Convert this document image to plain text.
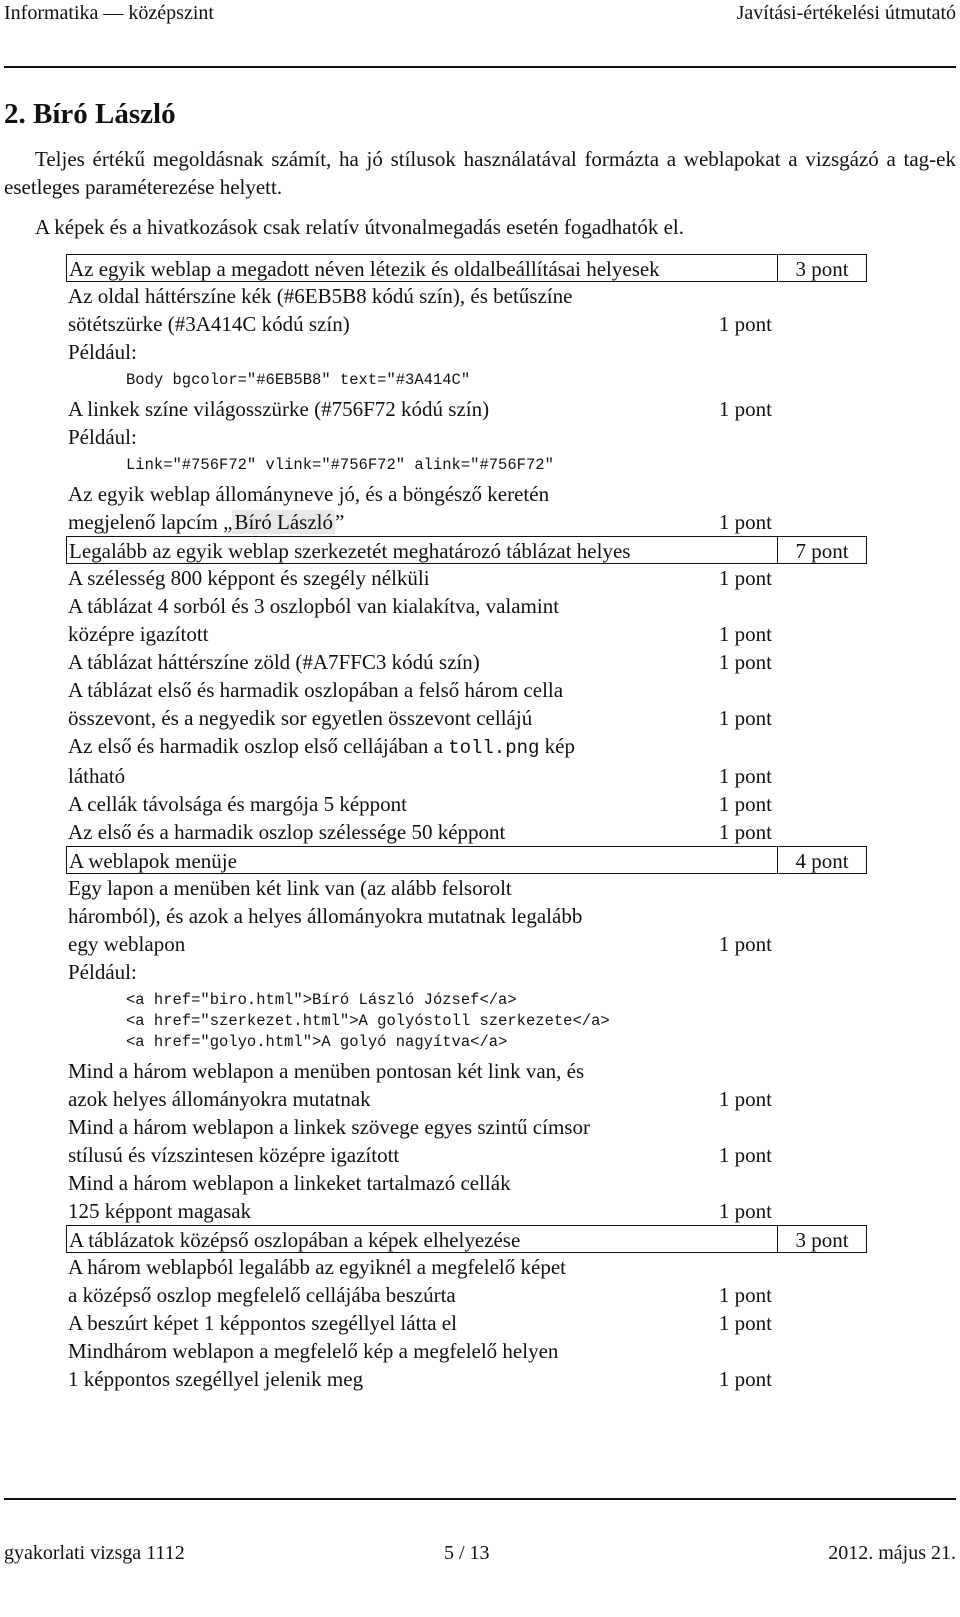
Informatika — középszint	Javítási-értékelési útmutató
2. Bíró László
Teljes értékű megoldásnak számít, ha jó stílusok használatával formázta a weblapokat a vizsgázó a tag-ek esetleges paraméterezése helyett.
A képek és a hivatkozások csak relatív útvonalmegadás esetén fogadhatók el.
Az egyik weblap a megadott néven létezik és oldalbeállításai helyesek	3 pont
Az oldal háttérszíne kék (#6EB5B8 kódú szín), és betűszíne
sötétszürke (#3A414C kódú szín)	1 pont
Például:
Body bgcolor="#6EB5B8" text="#3A414C"
A linkek színe világosszürke (#756F72 kódú szín)	1 pont
Például:
Link="#756F72" vlink="#756F72" alink="#756F72"
Az egyik weblap állományneve jó, és a böngésző keretén
megjelenő lapcím „Bíró László”	1 pont
Legalább az egyik weblap szerkezetét meghatározó táblázat helyes	7 pont
A szélesség 800 képpont és szegély nélküli	1 pont
A táblázat 4 sorból és 3 oszlopból van kialakítva, valamint
középre igazított	1 pont
A táblázat háttérszíne zöld (#A7FFC3 kódú szín)	1 pont
A táblázat első és harmadik oszlopában a felső három cella
összevont, és a negyedik sor egyetlen összevont cellájú	1 pont
Az első és harmadik oszlop első cellájában a toll.png kép
látható	1 pont
A cellák távolsága és margója 5 képpont	1 pont
Az első és a harmadik oszlop szélessége 50 képpont	1 pont
A weblapok menüje	4 pont
Egy lapon a menüben két link van (az alább felsorolt
háromból), és azok a helyes állományokra mutatnak legalább
egy weblapon	1 pont
Például:
<a href="biro.html">Bíró László József</a>
<a href="szerkezet.html">A golyóstoll szerkezete</a>
<a href="golyo.html">A golyó nagyítva</a>
Mind a három weblapon a menüben pontosan két link van, és
azok helyes állományokra mutatnak	1 pont
Mind a három weblapon a linkek szövege egyes szintű címsor
stílusú és vízszintesen középre igazított	1 pont
Mind a három weblapon a linkeket tartalmazó cellák
125 képpont magasak	1 pont
A táblázatok középső oszlopában a képek elhelyezése	3 pont
A három weblapból legalább az egyiknél a megfelelő képet
a középső oszlop megfelelő cellájába beszúrta	1 pont
A beszúrt képet 1 képpontos szegéllyel látta el	1 pont
Mindhárom weblapon a megfelelő kép a megfelelő helyen
1 képpontos szegéllyel jelenik meg	1 pont
gyakorlati vizsga 1112	5 / 13	2012. május 21.
